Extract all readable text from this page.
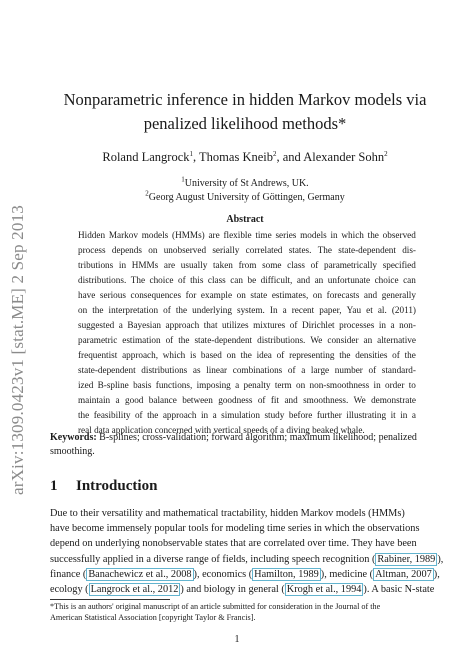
arXiv:1309.0423v1 [stat.ME] 2 Sep 2013
Nonparametric inference in hidden Markov models via
penalized likelihood methods*
Roland Langrock$^1$, Thomas Kneib$^2$, and Alexander Sohn$^2$
$^1$University of St Andrews, UK.
$^2$Georg August University of Göttingen, Germany
Abstract
Hidden Markov models (HMMs) are flexible time series models in which the observed
process depends on unobserved serially correlated states. The state-dependent dis-
tributions in HMMs are usually taken from some class of parametrically specified
distributions. The choice of this class can be difficult, and an unfortunate choice can
have serious consequences for example on state estimates, on forecasts and generally
on the interpretation of the underlying system. In a recent paper, Yau et al. (2011)
suggested a Bayesian approach that utilizes mixtures of Dirichlet processes in a non-
parametric estimation of the state-dependent distributions. We consider an alternative
frequentist approach, which is based on the idea of representing the densities of the
state-dependent distributions as linear combinations of a large number of standard-
ized B-spline basis functions, imposing a penalty term on non-smoothness in order to
maintain a good balance between goodness of fit and smoothness. We demonstrate
the feasibility of the approach in a simulation study before further illustrating it in a
real data application concerned with vertical speeds of a diving beaked whale.
Keywords: B-splines; cross-validation; forward algorithm; maximum likelihood; penalized
smoothing.
1 Introduction
Due to their versatility and mathematical tractability, hidden Markov models (HMMs)
have become immensely popular tools for modeling time series in which the observations
depend on underlying nonobservable states that are correlated over time. They have been
successfully applied in a diverse range of fields, including speech recognition ( Rabiner, 1989 ),
finance ( Banachewicz et al., 2008 ), economics ( Hamilton, 1989 ), medicine ( Altman, 2007 ),
ecology ( Langrock et al., 2012 ) and biology in general ( Krogh et al., 1994 ). A basic N-state
*This is an authors' original manuscript of an article submitted for consideration in the Journal of the
American Statistical Association [copyright Taylor & Francis].
1
